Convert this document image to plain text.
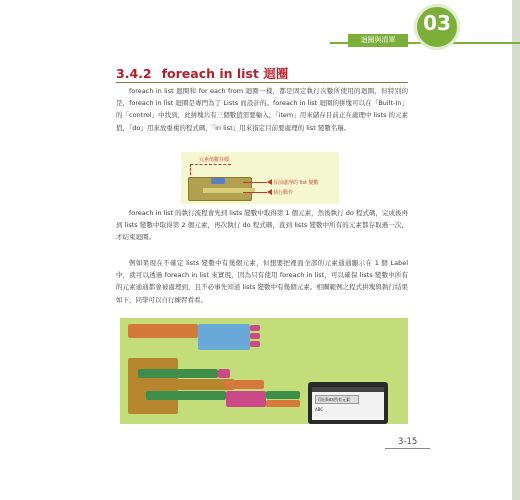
迴圈與清單
03
3.4.2 foreach in list 迴圈
foreach in list 迴圈和 for each from 迴圈一樣，都是固定執行次數所使用的迴圈，但特別的是，foreach in list 迴圈是專門為了 Lists 而設計的。foreach in list 迴圈的拼塊可以在「Built-In」的「control」中找到，此拼塊共有三個數值需要輸入，「item」用來儲存目前正在處理中 lists 的元素值，「do」用來放重複的程式碼，「in list」用來指定目前要處理的 list 變數名稱。
元素值數存檔
目前處理的 list 變數
執行動作
foreach in list 的執行流程會先到 lists 變數中取得第 1 個元素，然後執行 do 程式碼，完成後再到 lists 變數中取得第 2 個元素，再次執行 do 程式碼，直到 lists 變數中所有的元素都存取過一次，才結束迴圈。
例如果現在不確定 lists 變數中有幾個元素，但想要把裡面全部的元素通通顯示在 1 個 Label 中，就可以透過 foreach in list 來實現，因為只有使用 foreach in list，可以確保 lists 變數中所有的元素通通都會被處理到，且不必事先知道 lists 變數中有幾個元素。相關範例之程式拼塊與執行結果如下，同學可以自行練習看看。
印出lists所有元素
ABC
3-15
